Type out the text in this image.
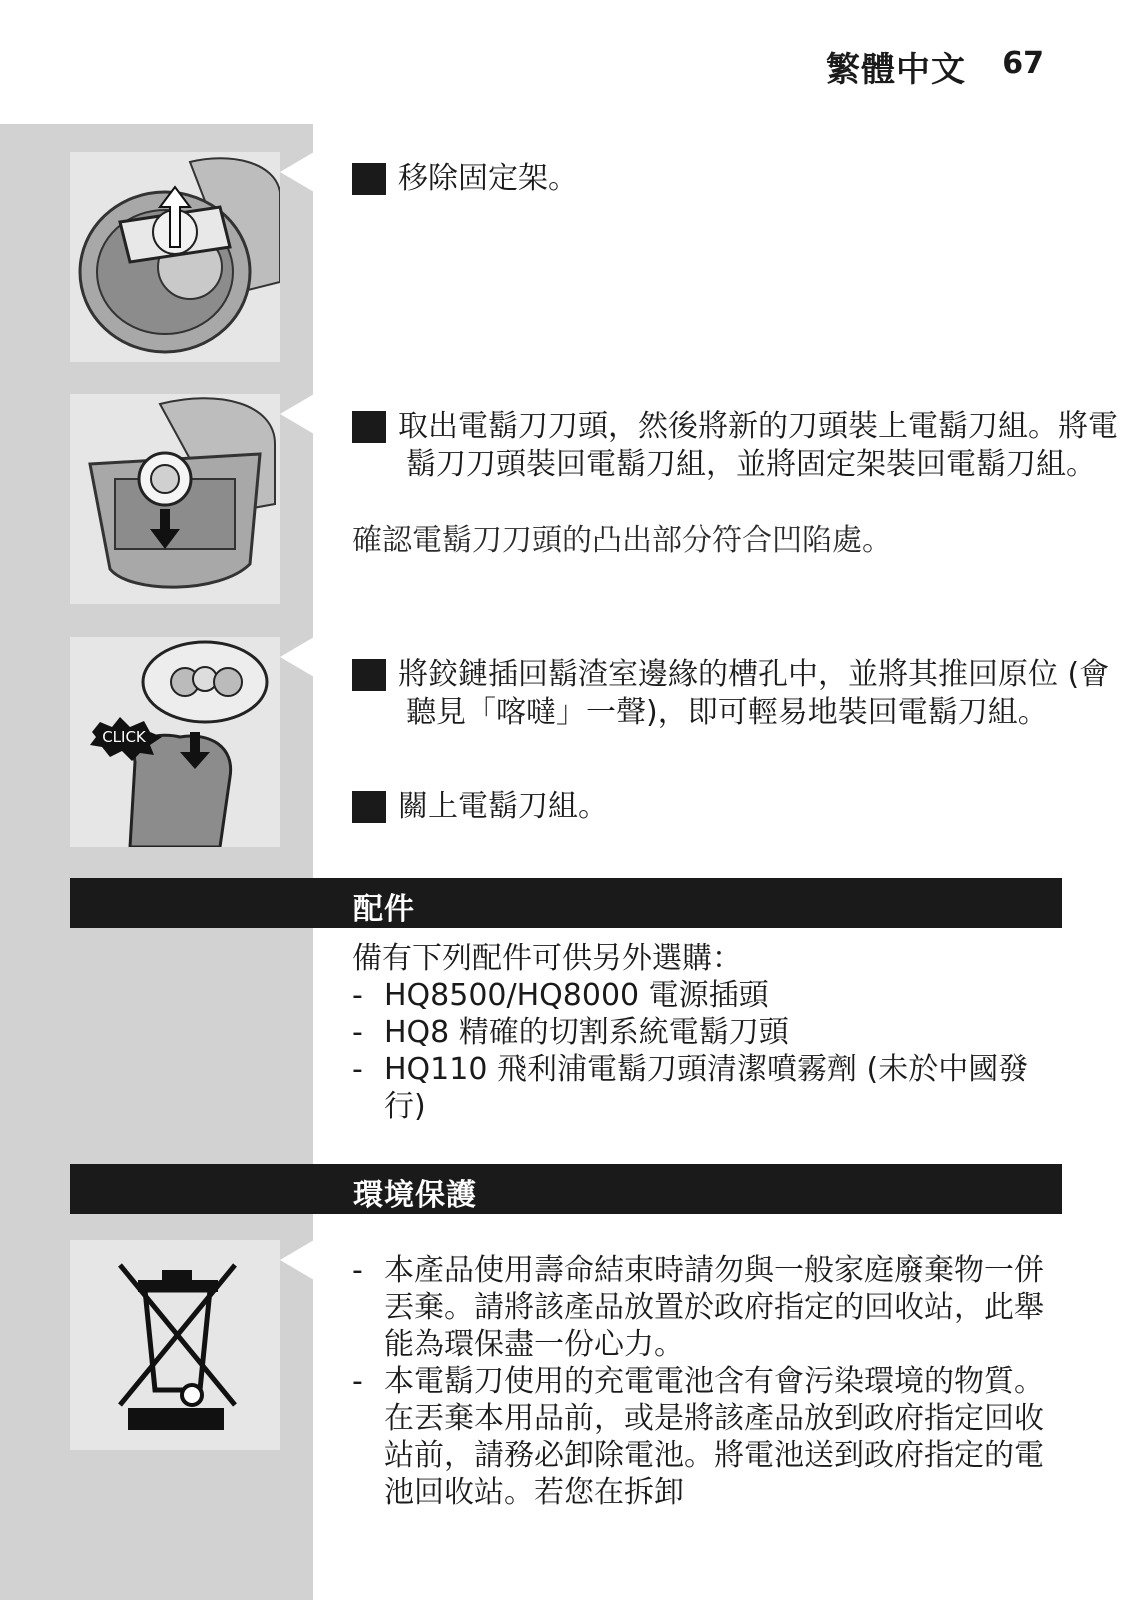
繁體中文 67
CLICK
3 移除固定架。
4 取出電鬍刀刀頭，然後將新的刀頭裝上電鬍刀組。將電鬍刀刀頭裝回電鬍刀組，並將固定架裝回電鬍刀組。
確認電鬍刀刀頭的凸出部分符合凹陷處。
5 將鉸鏈插回鬍渣室邊緣的槽孔中，並將其推回原位 (會聽見「喀噠」一聲)，即可輕易地裝回電鬍刀組。
6 關上電鬍刀組。
配件
備有下列配件可供另外選購：
- HQ8500/HQ8000 電源插頭
- HQ8 精確的切割系統電鬍刀頭
- HQ110 飛利浦電鬍刀頭清潔噴霧劑 (未於中國發行)
環境保護
- 本產品使用壽命結束時請勿與一般家庭廢棄物一併丟棄。請將該產品放置於政府指定的回收站，此舉能為環保盡一份心力。
- 本電鬍刀使用的充電電池含有會污染環境的物質。在丟棄本用品前，或是將該產品放到政府指定回收站前，請務必卸除電池。將電池送到政府指定的電池回收站。若您在拆卸
